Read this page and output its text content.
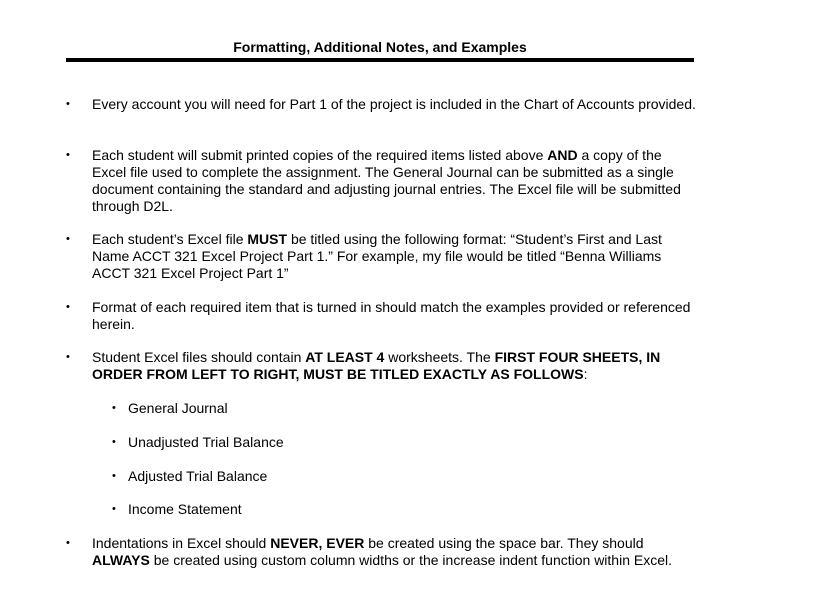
Formatting, Additional Notes, and Examples
• Every account you will need for Part 1 of the project is included in the Chart of Accounts provided.
• Each student will submit printed copies of the required items listed above AND a copy of the Excel file used to complete the assignment. The General Journal can be submitted as a single document containing the standard and adjusting journal entries. The Excel file will be submitted through D2L.
• Each student’s Excel file MUST be titled using the following format: “Student’s First and Last Name ACCT 321 Excel Project Part 1.” For example, my file would be titled “Benna Williams ACCT 321 Excel Project Part 1”
• Format of each required item that is turned in should match the examples provided or referenced herein.
• Student Excel files should contain AT LEAST 4 worksheets. The FIRST FOUR SHEETS, IN ORDER FROM LEFT TO RIGHT, MUST BE TITLED EXACTLY AS FOLLOWS:
• General Journal
• Unadjusted Trial Balance
• Adjusted Trial Balance
• Income Statement
• Indentations in Excel should NEVER, EVER be created using the space bar. They should ALWAYS be created using custom column widths or the increase indent function within Excel.
